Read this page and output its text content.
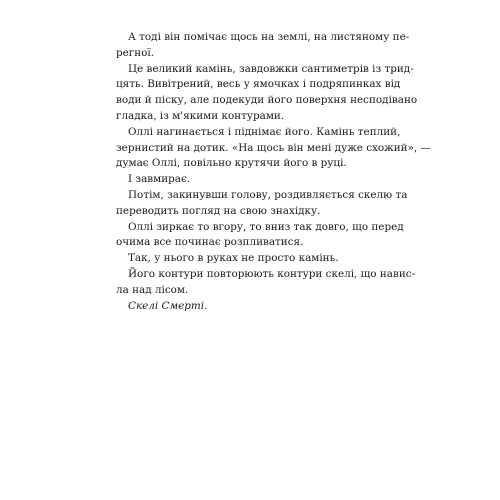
А тоді він помічає щось на землі, на листяному пе-
регної.
Це великий камінь, завдовжки сантиметрів із трид-
цять. Вивітрений, весь у ямочках і подряпинках від
води й піску, але подекуди його поверхня несподівано
гладка, із м'якими контурами.
Оллі нагинається і піднімає його. Камінь теплий,
зернистий на дотик. «На щось він мені дуже схожий», —
думає Оллі, повільно крутячи його в руці.
І завмирає.
Потім, закинувши голову, роздивляється скелю та
переводить погляд на свою знахідку.
Оллі зиркає то вгору, то вниз так довго, що перед
очима все починає розпливатися.
Так, у нього в руках не просто камінь.
Його контури повторюють контури скелі, що навис-
ла над лісом.
Скелі Смерті.
